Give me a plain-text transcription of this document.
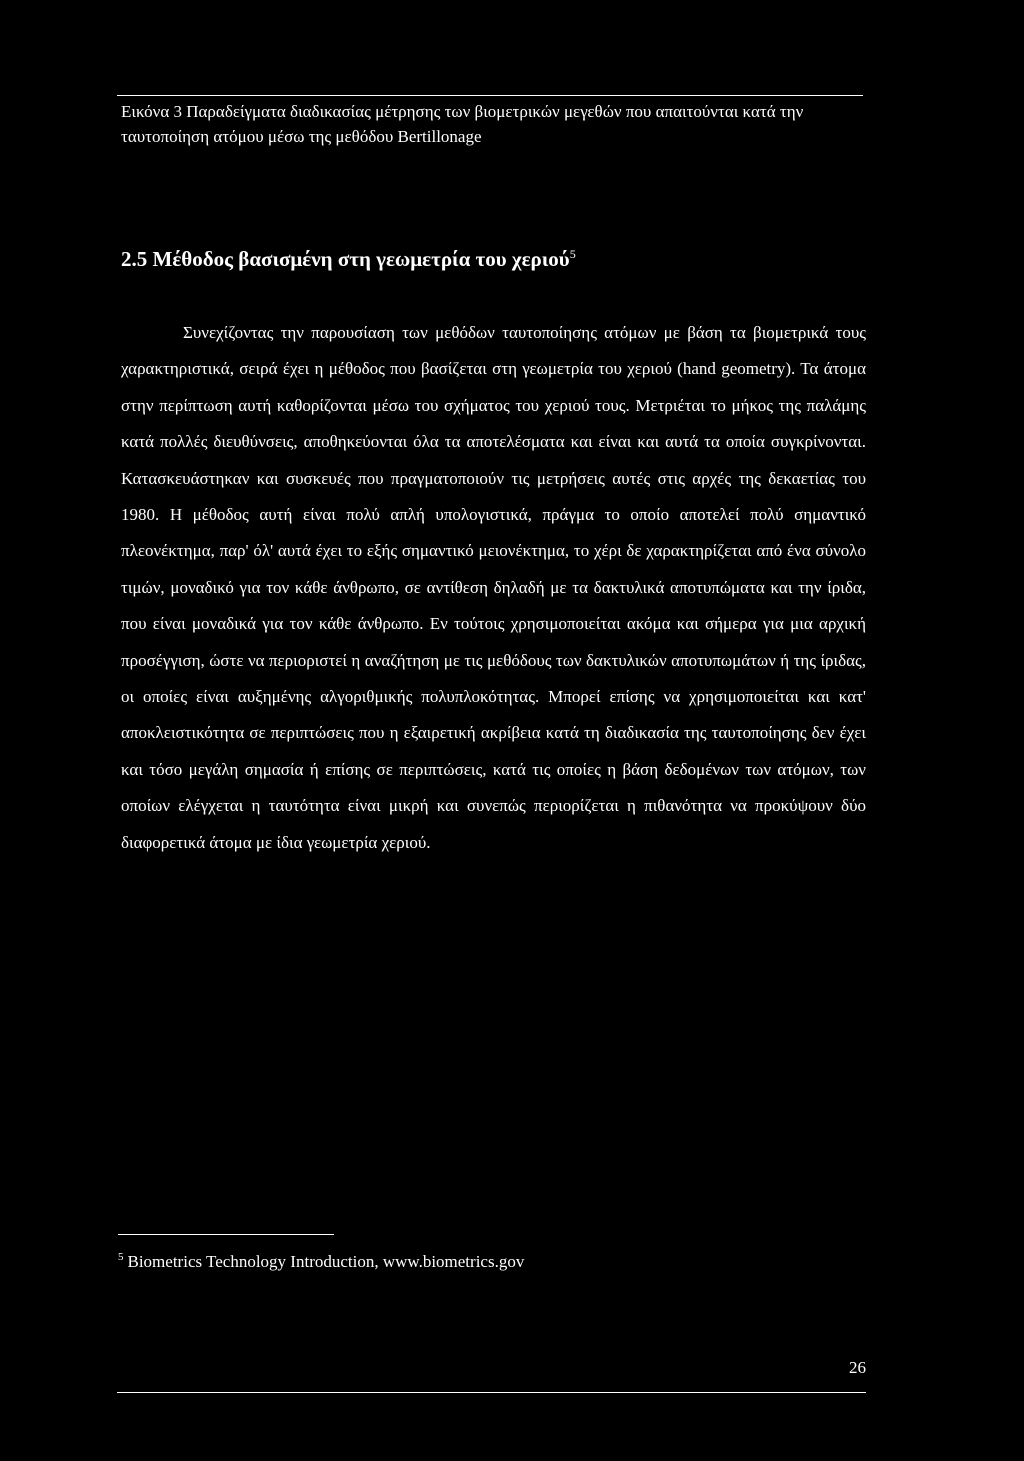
Εικόνα 3 Παραδείγματα διαδικασίας μέτρησης των βιομετρικών μεγεθών που απαιτούνται κατά την ταυτοποίηση ατόμου μέσω της μεθόδου Bertillonage
2.5 Μέθοδος βασισμένη στη γεωμετρία του χεριού$^5$

Συνεχίζοντας την παρουσίαση των μεθόδων ταυτοποίησης ατόμων με βάση τα βιομετρικά τους χαρακτηριστικά, σειρά έχει η μέθοδος που βασίζεται στη γεωμετρία του χεριού (hand geometry). Τα άτομα στην περίπτωση αυτή καθορίζονται μέσω του σχήματος του χεριού τους. Μετριέται το μήκος της παλάμης κατά πολλές διευθύνσεις, αποθηκεύονται όλα τα αποτελέσματα και είναι και αυτά τα οποία συγκρίνονται. Κατασκευάστηκαν και συσκευές που πραγματοποιούν τις μετρήσεις αυτές στις αρχές της δεκαετίας του 1980. Η μέθοδος αυτή είναι πολύ απλή υπολογιστικά, πράγμα το οποίο αποτελεί πολύ σημαντικό πλεονέκτημα, παρ' όλ' αυτά έχει το εξής σημαντικό μειονέκτημα, το χέρι δε χαρακτηρίζεται από ένα σύνολο τιμών, μοναδικό για τον κάθε άνθρωπο, σε αντίθεση δηλαδή με τα δακτυλικά αποτυπώματα και την ίριδα, που είναι μοναδικά για τον κάθε άνθρωπο. Εν τούτοις χρησιμοποιείται ακόμα και σήμερα για μια αρχική προσέγγιση, ώστε να περιοριστεί η αναζήτηση με τις μεθόδους των δακτυλικών αποτυπωμάτων ή της ίριδας, οι οποίες είναι αυξημένης αλγοριθμικής πολυπλοκότητας. Μπορεί επίσης να χρησιμοποιείται και κατ' αποκλειστικότητα σε περιπτώσεις που η εξαιρετική ακρίβεια κατά τη διαδικασία της ταυτοποίησης δεν έχει και τόσο μεγάλη σημασία ή επίσης σε περιπτώσεις, κατά τις οποίες η βάση δεδομένων των ατόμων, των οποίων ελέγχεται η ταυτότητα είναι μικρή και συνεπώς περιορίζεται η πιθανότητα να προκύψουν δύο διαφορετικά άτομα με ίδια γεωμετρία χεριού.

$^5$ Biometrics Technology Introduction, www.biometrics.gov
26
